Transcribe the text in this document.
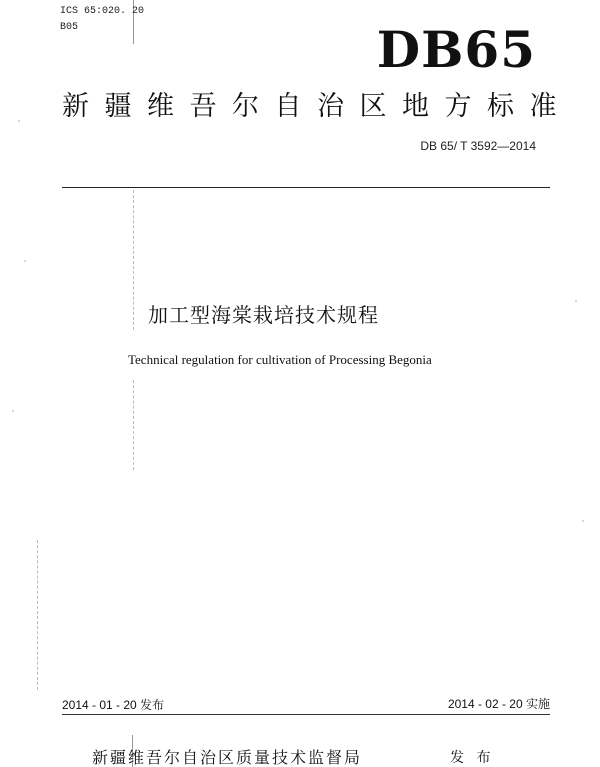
ICS 65:020. 20
B05	DB65
新疆维吾尔自治区地方标准
DB 65/ T 3592—2014
加工型海棠栽培技术规程
Technical regulation for cultivation of Processing Begonia
2014 - 01 - 20 发布	2014 - 02 - 20 实施
新疆维吾尔自治区质量技术监督局	发 布
